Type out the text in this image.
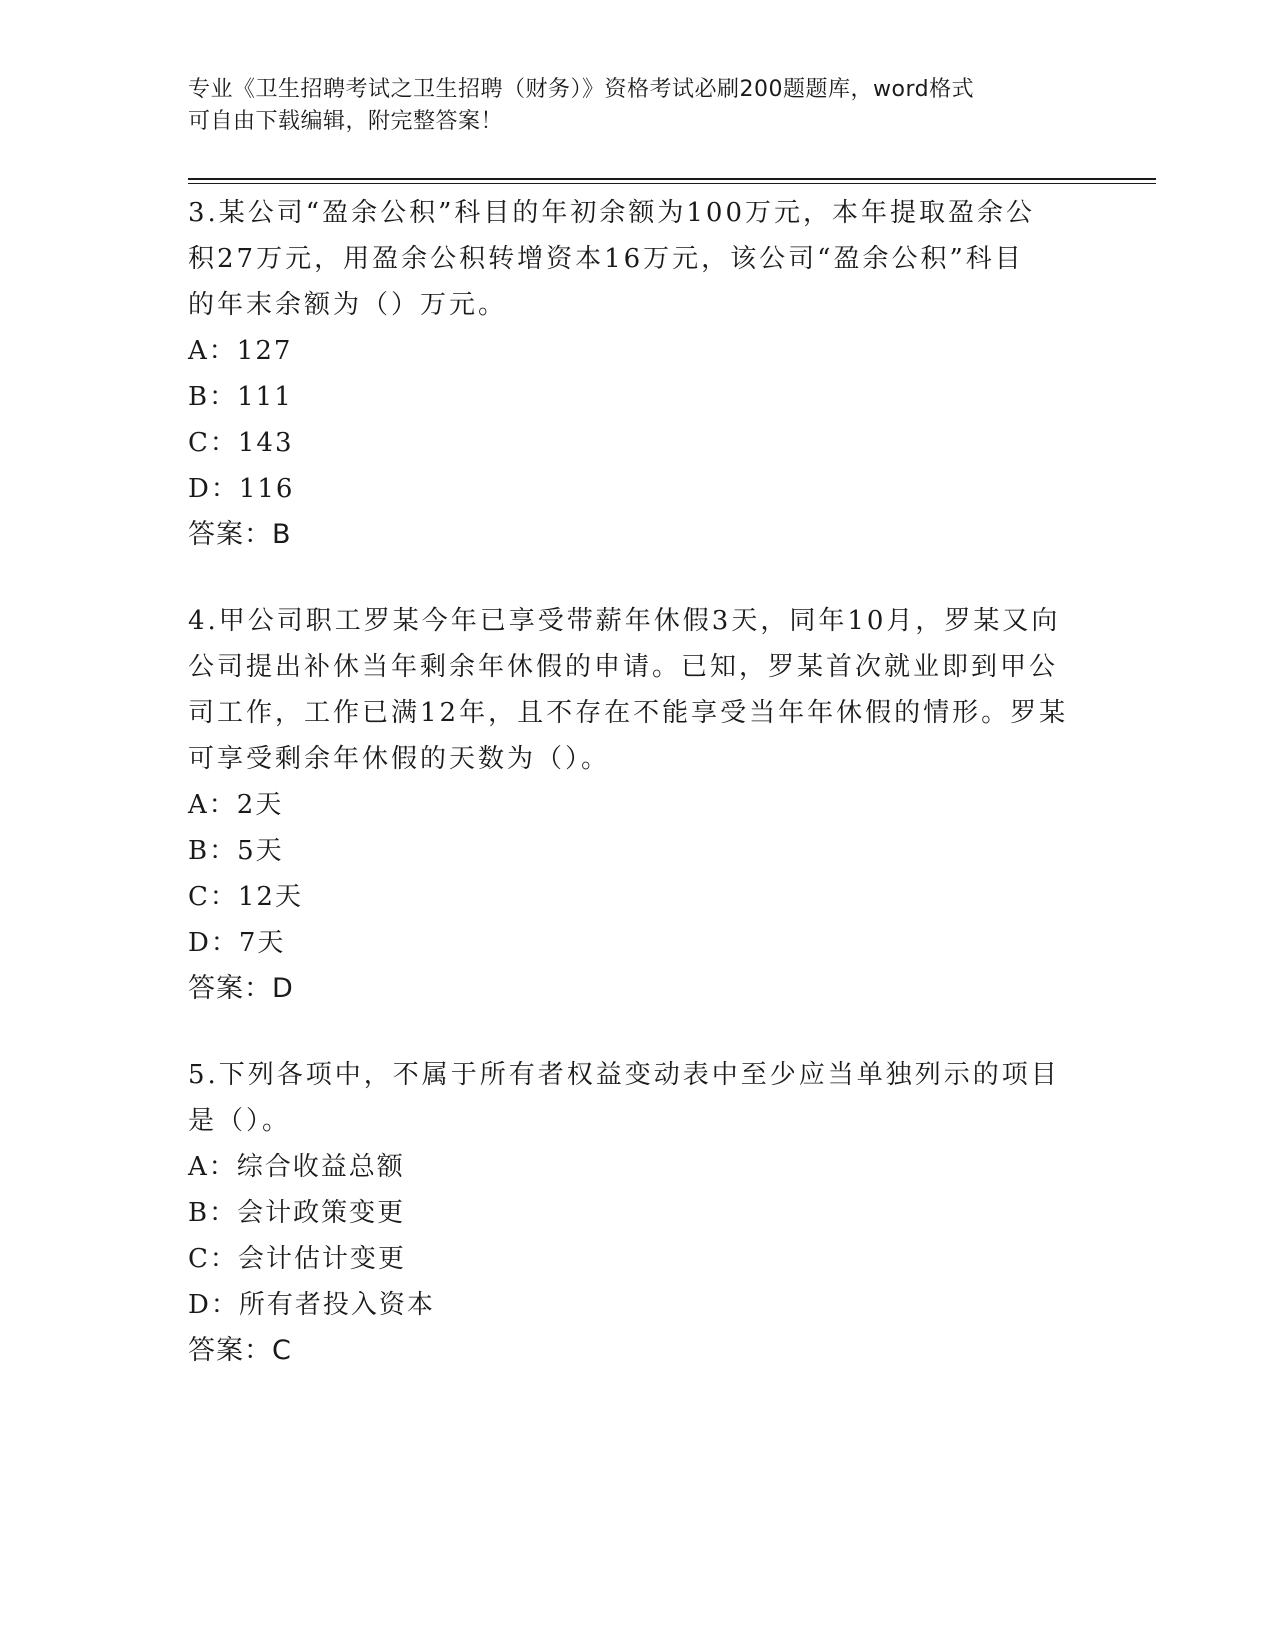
专业《卫生招聘考试之卫生招聘（财务）》资格考试必刷200题题库，word格式
可自由下载编辑，附完整答案！

3.某公司“盈余公积”科目的年初余额为100万元，本年提取盈余公

积27万元，用盈余公积转增资本16万元，该公司“盈余公积”科目

的年末余额为（）万元。

A：127

B：111

C：143

D：116

答案：B

4.甲公司职工罗某今年已享受带薪年休假3天，同年10月，罗某又向

公司提出补休当年剩余年休假的申请。已知，罗某首次就业即到甲公

司工作，工作已满12年，且不存在不能享受当年年休假的情形。罗某

可享受剩余年休假的天数为（）。

A：2天

B：5天

C：12天

D：7天

答案：D

5.下列各项中，不属于所有者权益变动表中至少应当单独列示的项目

是（）。

A：综合收益总额

B：会计政策变更

C：会计估计变更

D：所有者投入资本

答案：C
